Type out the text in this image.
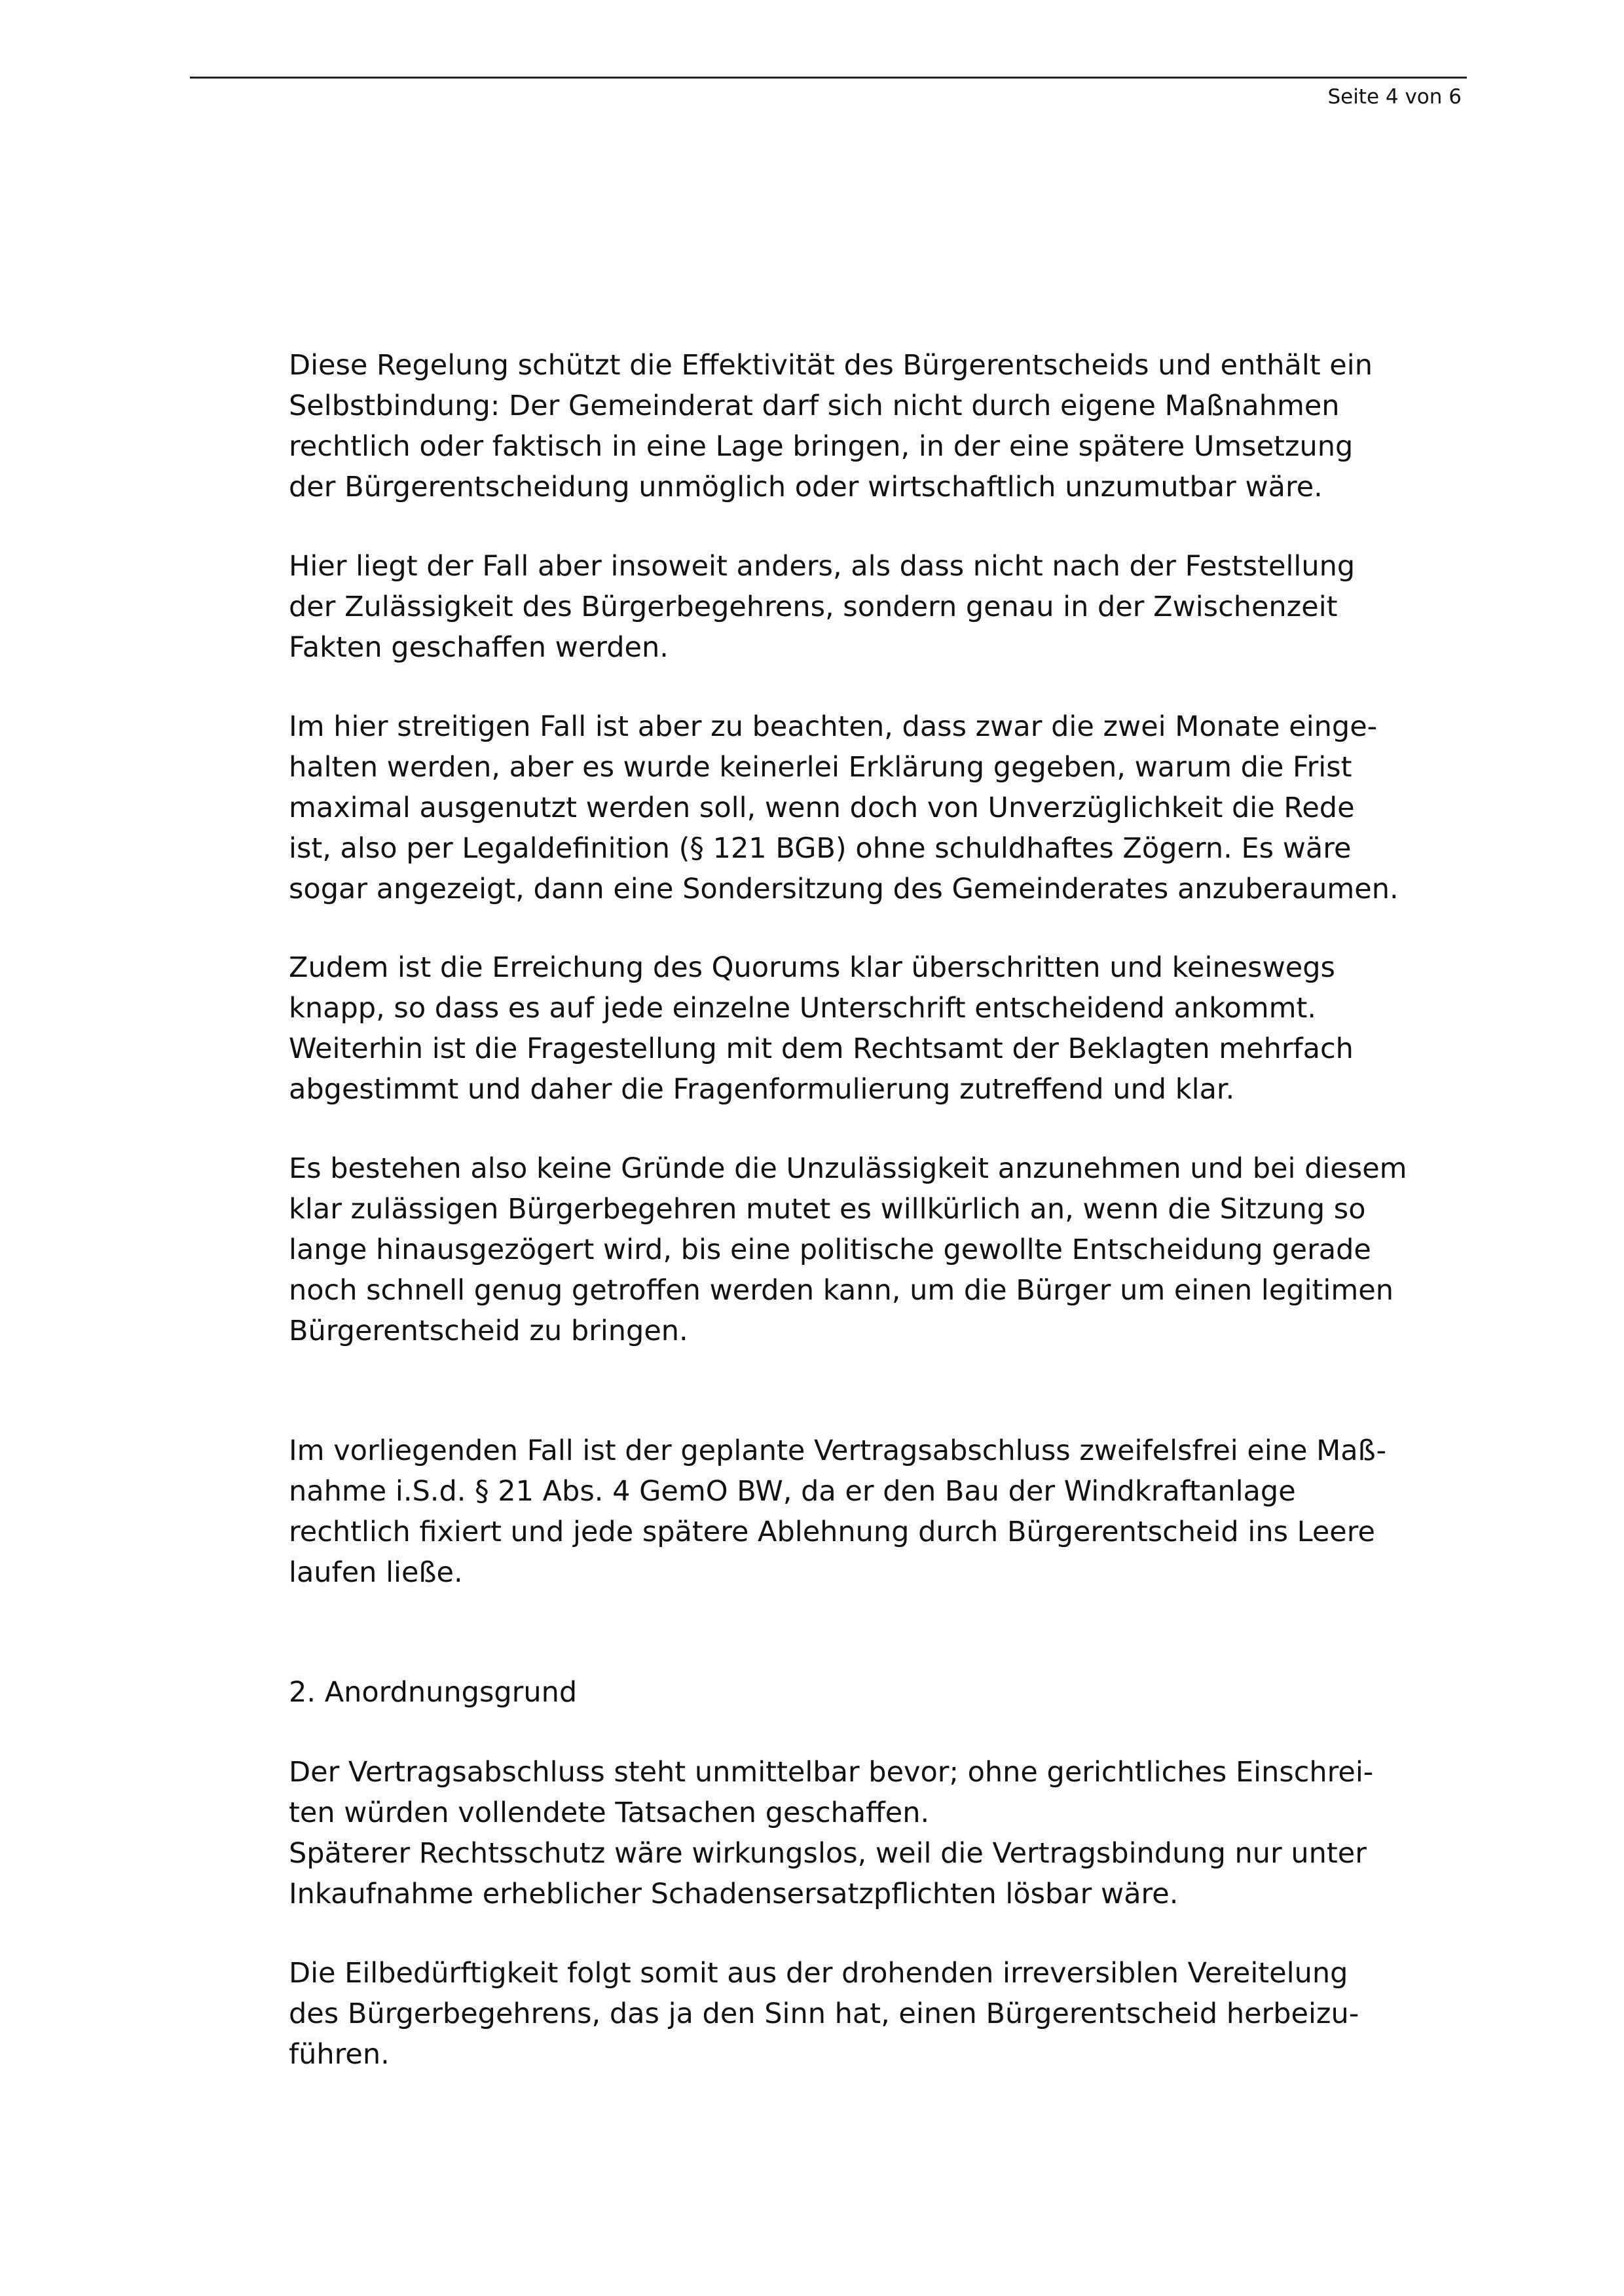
Seite 4 von 6
Diese Regelung schützt die Effektivität des Bürgerentscheids und enthält ein
Selbstbindung: Der Gemeinderat darf sich nicht durch eigene Maßnahmen
rechtlich oder faktisch in eine Lage bringen, in der eine spätere Umsetzung
der Bürgerentscheidung unmöglich oder wirtschaftlich unzumutbar wäre.
Hier liegt der Fall aber insoweit anders, als dass nicht nach der Feststellung
der Zulässigkeit des Bürgerbegehrens, sondern genau in der Zwischenzeit
Fakten geschaffen werden.
Im hier streitigen Fall ist aber zu beachten, dass zwar die zwei Monate einge-
halten werden, aber es wurde keinerlei Erklärung gegeben, warum die Frist
maximal ausgenutzt werden soll, wenn doch von Unverzüglichkeit die Rede
ist, also per Legaldefinition (§ 121 BGB) ohne schuldhaftes Zögern. Es wäre
sogar angezeigt, dann eine Sondersitzung des Gemeinderates anzuberaumen.
Zudem ist die Erreichung des Quorums klar überschritten und keineswegs
knapp, so dass es auf jede einzelne Unterschrift entscheidend ankommt.
Weiterhin ist die Fragestellung mit dem Rechtsamt der Beklagten mehrfach
abgestimmt und daher die Fragenformulierung zutreffend und klar.
Es bestehen also keine Gründe die Unzulässigkeit anzunehmen und bei diesem
klar zulässigen Bürgerbegehren mutet es willkürlich an, wenn die Sitzung so
lange hinausgezögert wird, bis eine politische gewollte Entscheidung gerade
noch schnell genug getroffen werden kann, um die Bürger um einen legitimen
Bürgerentscheid zu bringen.
Im vorliegenden Fall ist der geplante Vertragsabschluss zweifelsfrei eine Maß-
nahme i.S.d. § 21 Abs. 4 GemO BW, da er den Bau der Windkraftanlage
rechtlich fixiert und jede spätere Ablehnung durch Bürgerentscheid ins Leere
laufen ließe.
2. Anordnungsgrund
Der Vertragsabschluss steht unmittelbar bevor; ohne gerichtliches Einschrei-
ten würden vollendete Tatsachen geschaffen.
Späterer Rechtsschutz wäre wirkungslos, weil die Vertragsbindung nur unter
Inkaufnahme erheblicher Schadensersatzpflichten lösbar wäre.
Die Eilbedürftigkeit folgt somit aus der drohenden irreversiblen Vereitelung
des Bürgerbegehrens, das ja den Sinn hat, einen Bürgerentscheid herbeizu-
führen.
